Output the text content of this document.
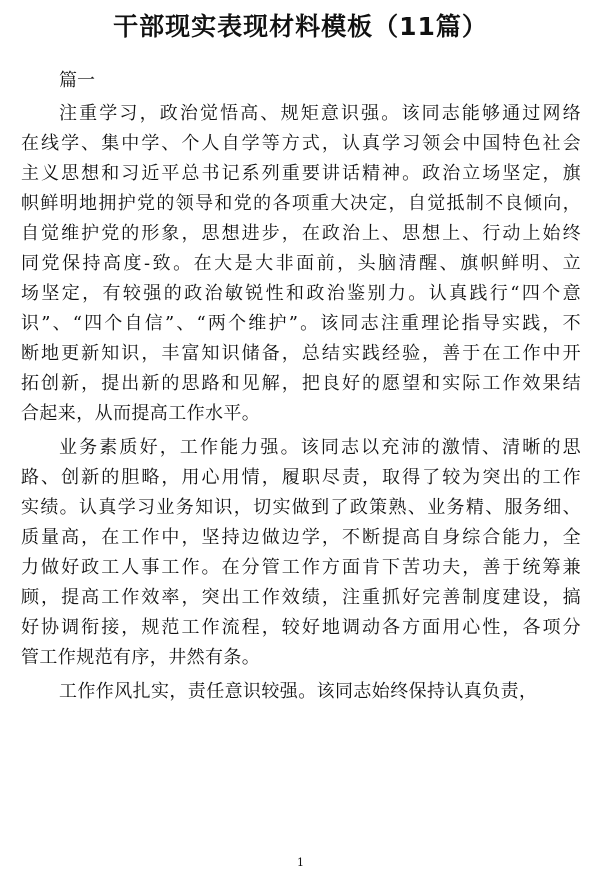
干部现实表现材料模板（11篇）
篇一
注重学习，政治觉悟高、规矩意识强。该同志能够通过网络
在线学、集中学、个人自学等方式，认真学习领会中国特色社会
主义思想和习近平总书记系列重要讲话精神。政治立场坚定，旗
帜鲜明地拥护党的领导和党的各项重大决定，自觉抵制不良倾向，
自觉维护党的形象，思想进步，在政治上、思想上、行动上始终
同党保持高度-致。在大是大非面前，头脑清醒、旗帜鲜明、立
场坚定，有较强的政治敏锐性和政治鉴别力。认真践行“四个意
识”、“四个自信”、“两个维护”。该同志注重理论指导实践，不
断地更新知识，丰富知识储备，总结实践经验，善于在工作中开
拓创新，提出新的思路和见解，把良好的愿望和实际工作效果结
合起来，从而提高工作水平。
业务素质好，工作能力强。该同志以充沛的激情、清晰的思
路、创新的胆略，用心用情，履职尽责，取得了较为突出的工作
实绩。认真学习业务知识，切实做到了政策熟、业务精、服务细、
质量高，在工作中，坚持边做边学，不断提高自身综合能力，全
力做好政工人事工作。在分管工作方面肯下苦功夫，善于统筹兼
顾，提高工作效率，突出工作效绩，注重抓好完善制度建设，搞
好协调衔接，规范工作流程，较好地调动各方面用心性，各项分
管工作规范有序，井然有条。
工作作风扎实，责任意识较强。该同志始终保持认真负责，
1
